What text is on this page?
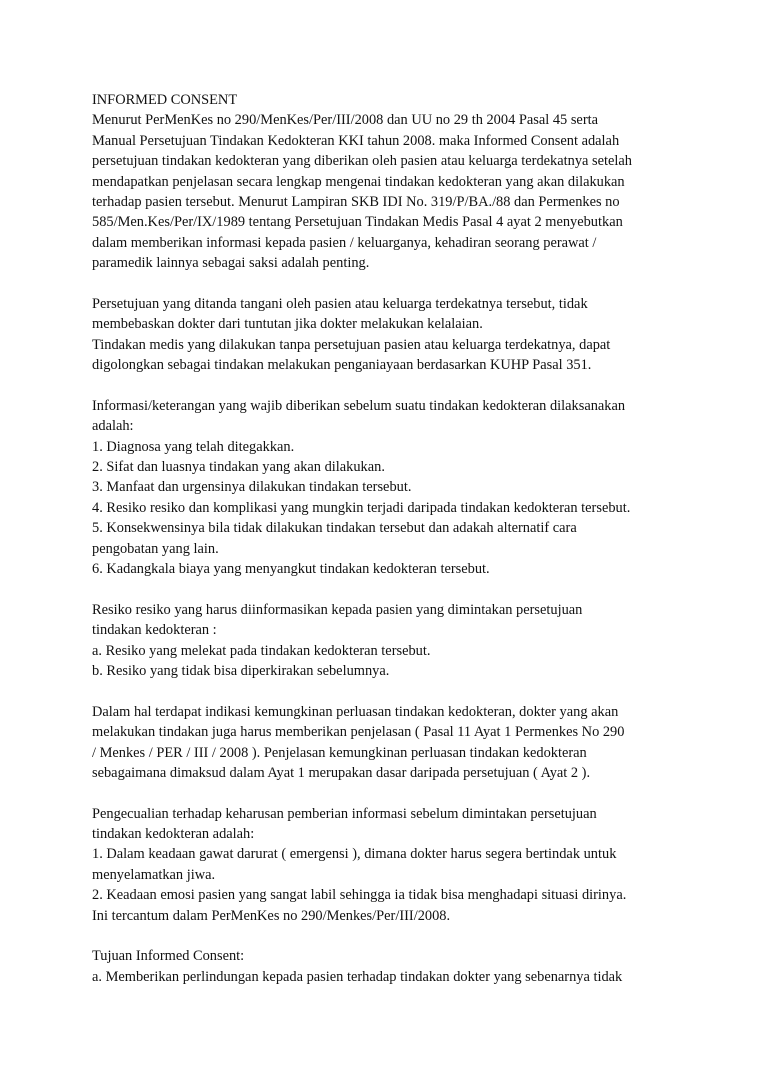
INFORMED CONSENT
Menurut PerMenKes no 290/MenKes/Per/III/2008 dan UU no 29 th 2004 Pasal 45 serta
Manual Persetujuan Tindakan Kedokteran KKI tahun 2008. maka Informed Consent adalah
persetujuan tindakan kedokteran yang diberikan oleh pasien atau keluarga terdekatnya setelah
mendapatkan penjelasan secara lengkap mengenai tindakan kedokteran yang akan dilakukan
terhadap pasien tersebut. Menurut Lampiran SKB IDI No. 319/P/BA./88 dan Permenkes no
585/Men.Kes/Per/IX/1989 tentang Persetujuan Tindakan Medis Pasal 4 ayat 2 menyebutkan
dalam memberikan informasi kepada pasien / keluarganya, kehadiran seorang perawat /
paramedik lainnya sebagai saksi adalah penting.
Persetujuan yang ditanda tangani oleh pasien atau keluarga terdekatnya tersebut, tidak
membebaskan dokter dari tuntutan jika dokter melakukan kelalaian.
Tindakan medis yang dilakukan tanpa persetujuan pasien atau keluarga terdekatnya, dapat
digolongkan sebagai tindakan melakukan penganiayaan berdasarkan KUHP Pasal 351.
Informasi/keterangan yang wajib diberikan sebelum suatu tindakan kedokteran dilaksanakan
adalah:
1. Diagnosa yang telah ditegakkan.
2. Sifat dan luasnya tindakan yang akan dilakukan.
3. Manfaat dan urgensinya dilakukan tindakan tersebut.
4. Resiko resiko dan komplikasi yang mungkin terjadi daripada tindakan kedokteran tersebut.
5. Konsekwensinya bila tidak dilakukan tindakan tersebut dan adakah alternatif cara
pengobatan yang lain.
6. Kadangkala biaya yang menyangkut tindakan kedokteran tersebut.
Resiko resiko yang harus diinformasikan kepada pasien yang dimintakan persetujuan
tindakan kedokteran :
a. Resiko yang melekat pada tindakan kedokteran tersebut.
b. Resiko yang tidak bisa diperkirakan sebelumnya.
Dalam hal terdapat indikasi kemungkinan perluasan tindakan kedokteran, dokter yang akan
melakukan tindakan juga harus memberikan penjelasan ( Pasal 11 Ayat 1 Permenkes No 290
/ Menkes / PER / III / 2008 ). Penjelasan kemungkinan perluasan tindakan kedokteran
sebagaimana dimaksud dalam Ayat 1 merupakan dasar daripada persetujuan ( Ayat 2 ).
Pengecualian terhadap keharusan pemberian informasi sebelum dimintakan persetujuan
tindakan kedokteran adalah:
1. Dalam keadaan gawat darurat ( emergensi ), dimana dokter harus segera bertindak untuk
menyelamatkan jiwa.
2. Keadaan emosi pasien yang sangat labil sehingga ia tidak bisa menghadapi situasi dirinya.
Ini tercantum dalam PerMenKes no 290/Menkes/Per/III/2008.
Tujuan Informed Consent:
a. Memberikan perlindungan kepada pasien terhadap tindakan dokter yang sebenarnya tidak
